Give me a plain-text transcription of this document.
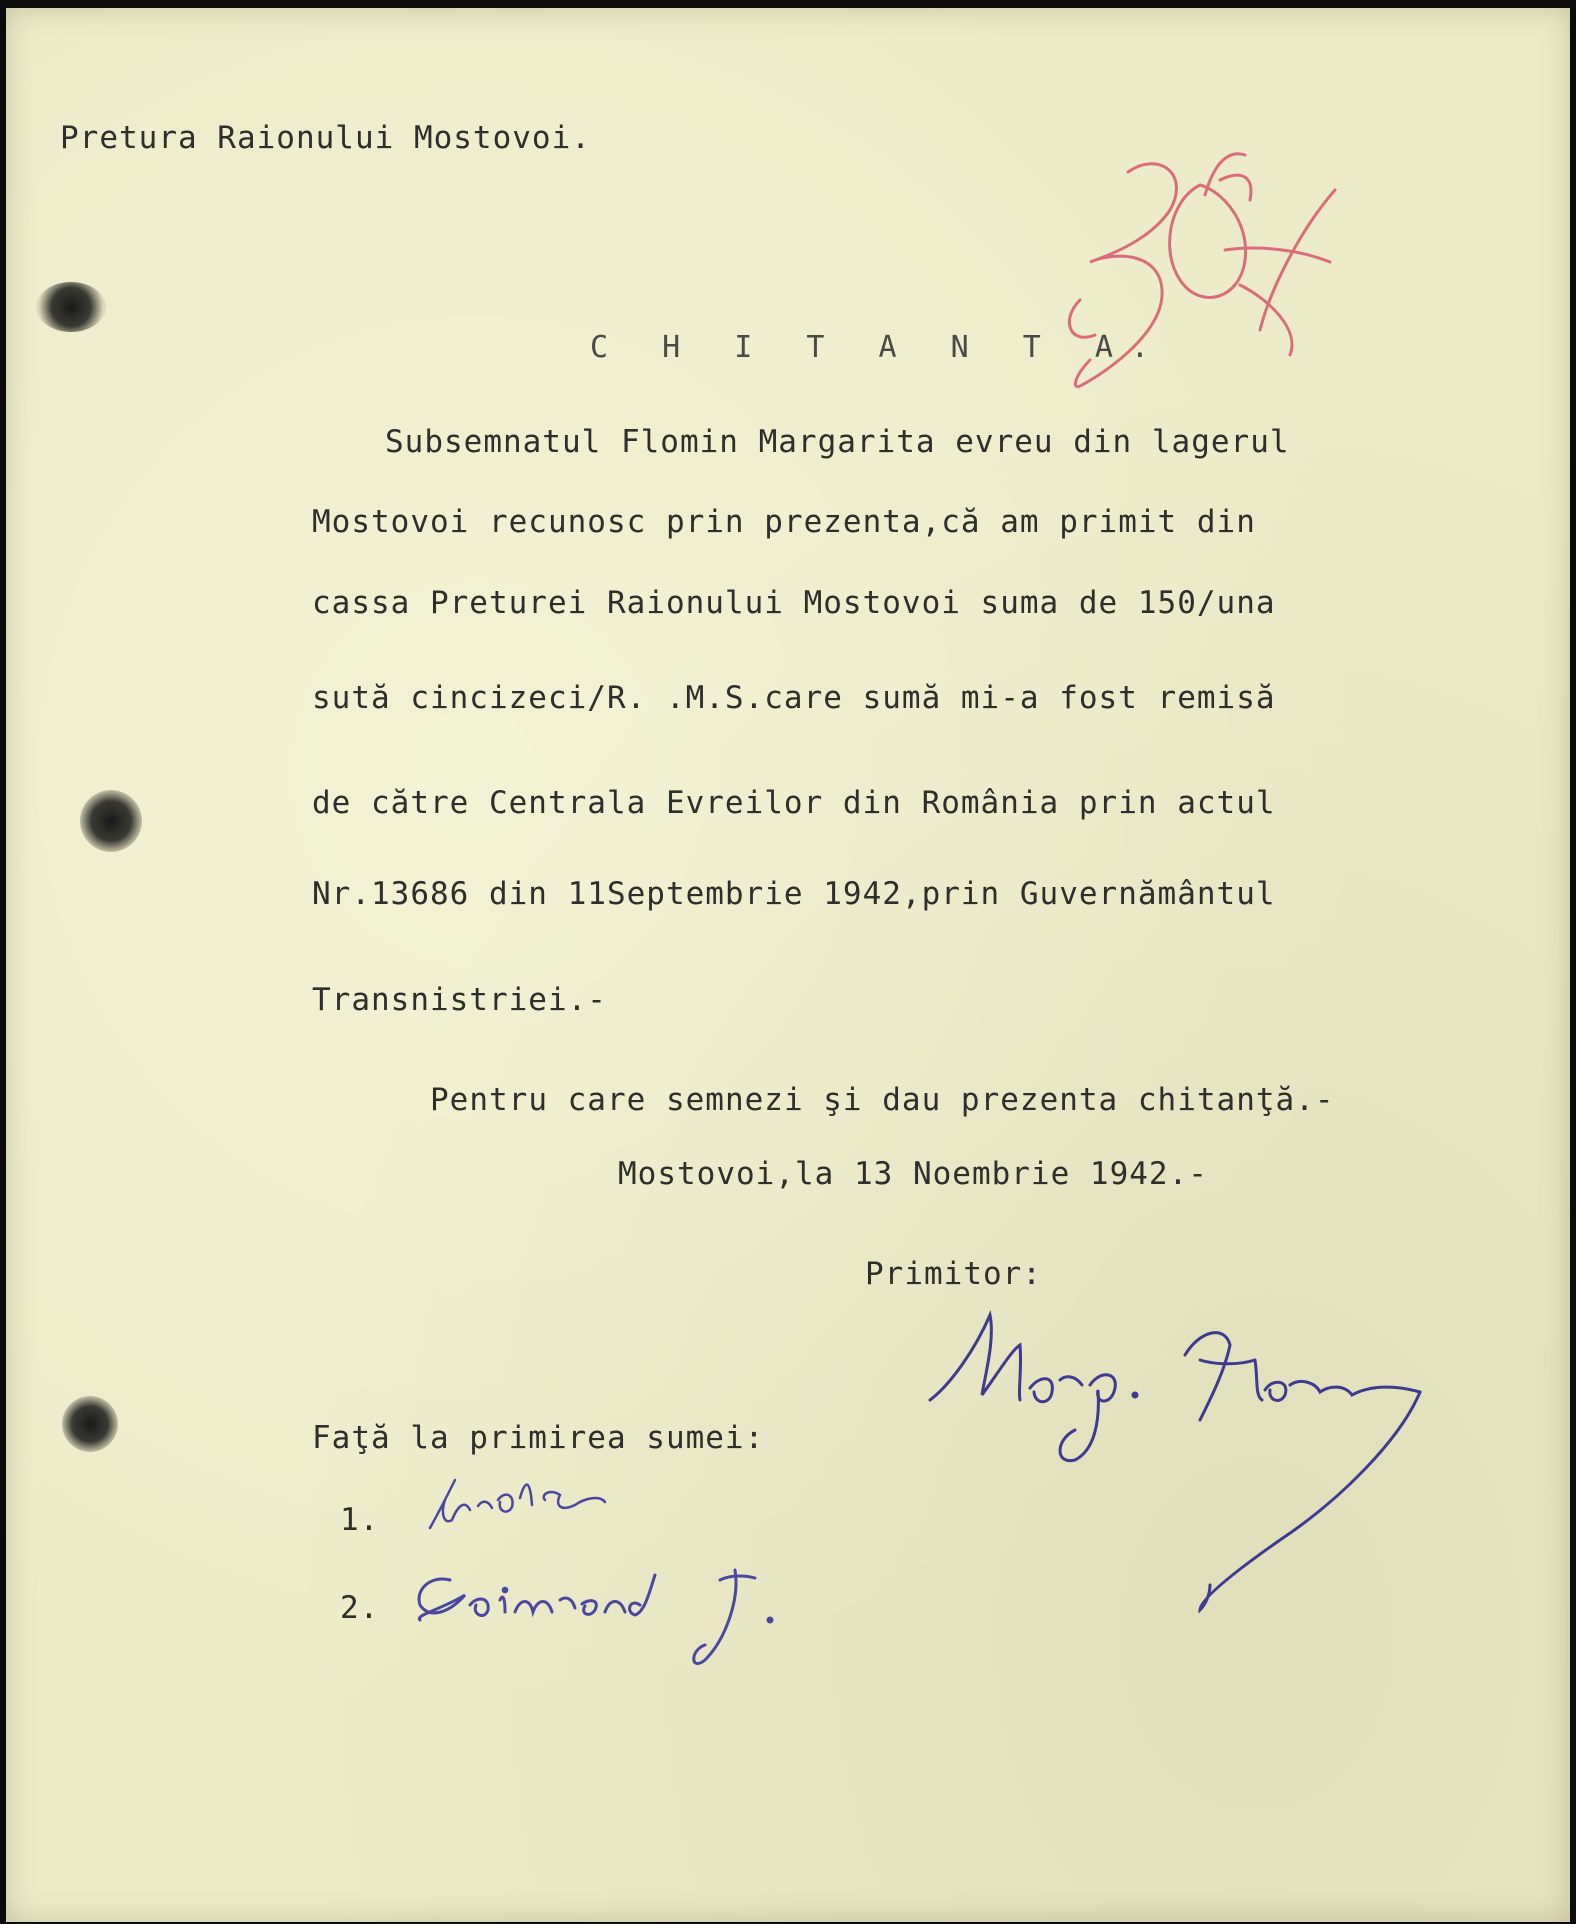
Pretura Raionului Mostovoi.
C H I T A N T A.
Subsemnatul Flomin Margarita evreu din lagerul
Mostovoi recunosc prin prezenta,că am primit din
cassa Preturei Raionului Mostovoi suma de 150/una
sută cincizeci/R. .M.S.care sumă mi-a fost remisă
de către Centrala Evreilor din România prin actul
Nr.13686 din 11Septembrie 1942,prin Guvernământul
Transnistriei.-
Pentru care semnezi şi dau prezenta chitanţă.-
Mostovoi,la 13 Noembrie 1942.-
Primitor:
Faţă la primirea sumei:
1.
2.
